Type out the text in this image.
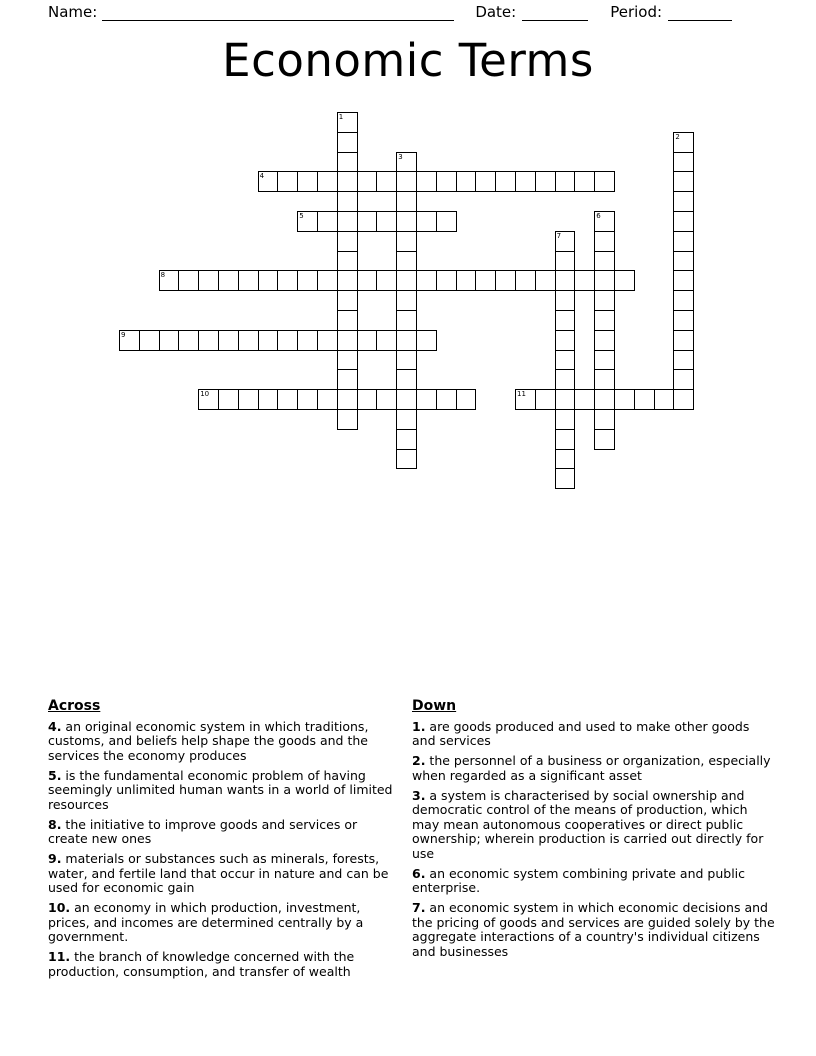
Name:	Date:	Period:
Economic Terms
1
2
3
4
5	6
7
8
9
10	11
Across

4. an original economic system in which traditions, customs, and beliefs help shape the goods and the services the economy produces

5. is the fundamental economic problem of having seemingly unlimited human wants in a world of limited resources

8. the initiative to improve goods and services or create new ones

9. materials or substances such as minerals, forests, water, and fertile land that occur in nature and can be used for economic gain

10. an economy in which production, investment, prices, and incomes are determined centrally by a government.

11. the branch of knowledge concerned with the production, consumption, and transfer of wealth

Down

1. are goods produced and used to make other goods and services

2. the personnel of a business or organization, especially when regarded as a significant asset

3. a system is characterised by social ownership and democratic control of the means of production, which may mean autonomous cooperatives or direct public ownership; wherein production is carried out directly for use

6. an economic system combining private and public enterprise.

7. an economic system in which economic decisions and the pricing of goods and services are guided solely by the aggregate interactions of a country's individual citizens and businesses
